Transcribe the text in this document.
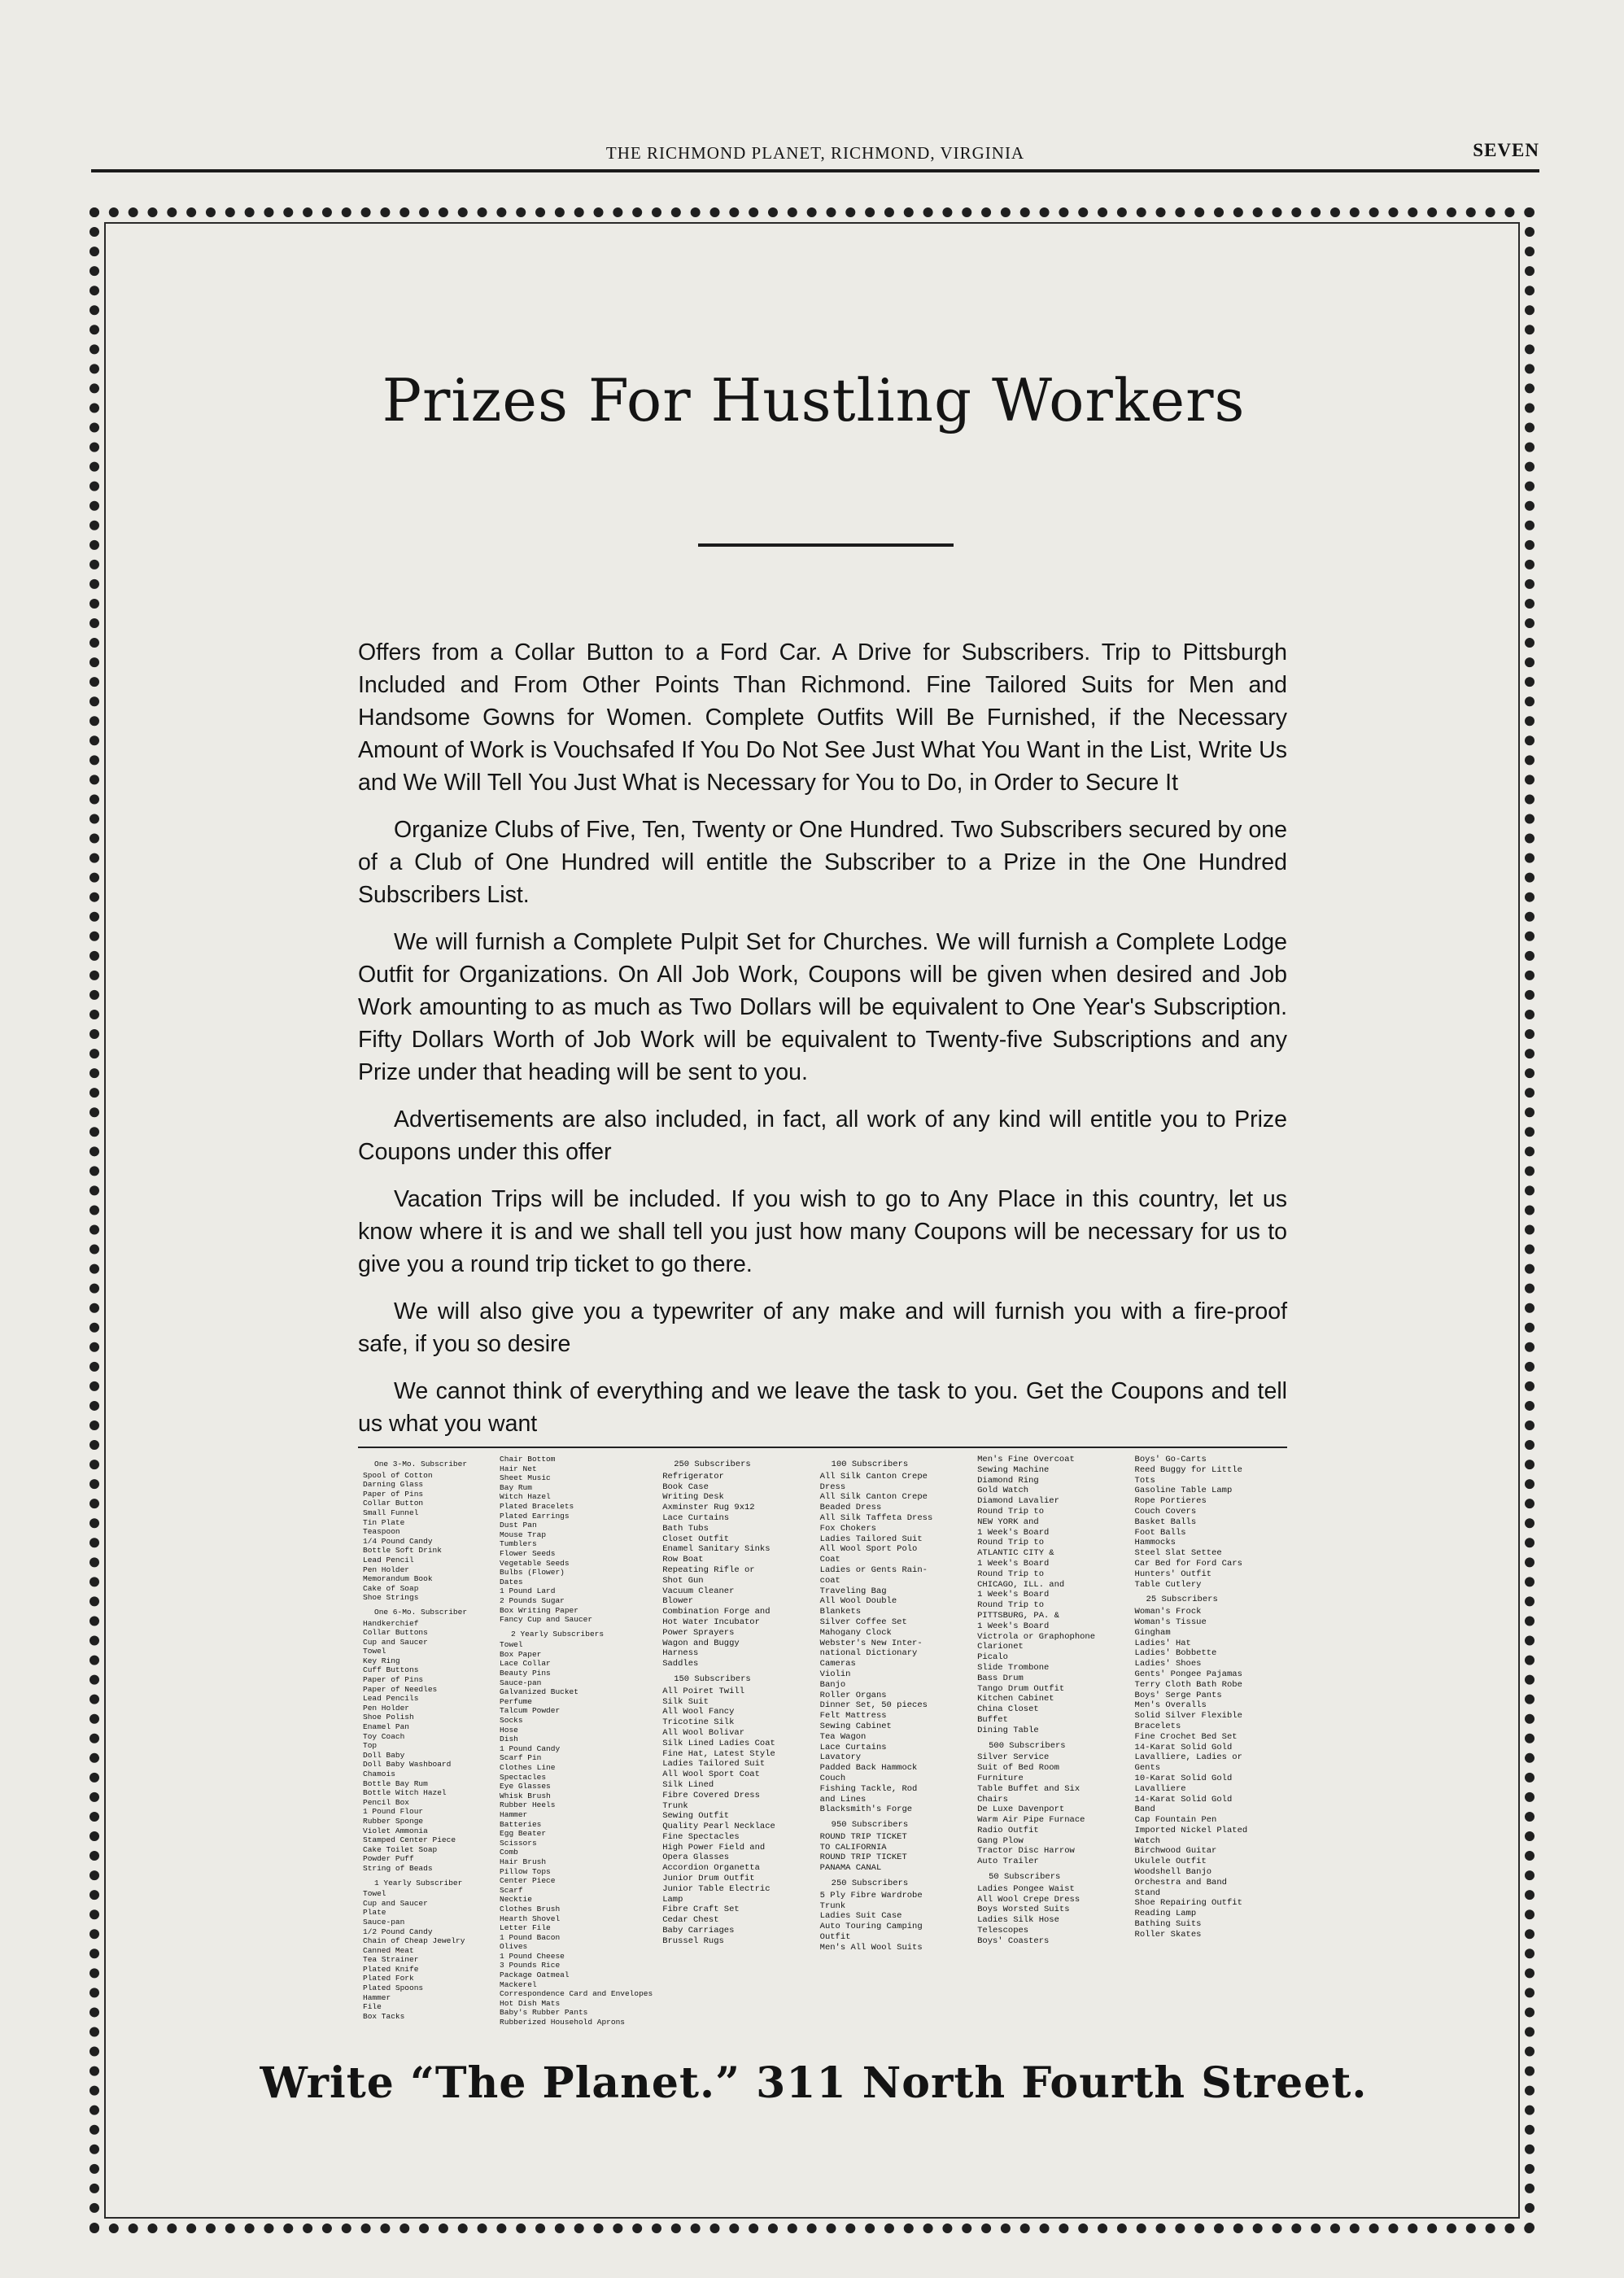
THE RICHMOND PLANET, RICHMOND, VIRGINIA	SEVEN
Prizes For Hustling Workers

Offers from a Collar Button to a Ford Car. A Drive for Subscribers. Trip to Pittsburgh Included and From Other Points Than Richmond. Fine Tailored Suits for Men and Handsome Gowns for Women. Complete Outfits Will Be Furnished, if the Necessary Amount of Work is Vouchsafed If You Do Not See Just What You Want in the List, Write Us and We Will Tell You Just What is Necessary for You to Do, in Order to Secure It

Organize Clubs of Five, Ten, Twenty or One Hundred. Two Subscribers secured by one of a Club of One Hundred will entitle the Subscriber to a Prize in the One Hundred Subscribers List.

We will furnish a Complete Pulpit Set for Churches. We will furnish a Complete Lodge Outfit for Organizations. On All Job Work, Coupons will be given when desired and Job Work amounting to as much as Two Dollars will be equivalent to One Year's Subscription. Fifty Dollars Worth of Job Work will be equivalent to Twenty-five Subscriptions and any Prize under that heading will be sent to you.

Advertisements are also included, in fact, all work of any kind will entitle you to Prize Coupons under this offer

Vacation Trips will be included. If you wish to go to Any Place in this country, let us know where it is and we shall tell you just how many Coupons will be necessary for us to give you a round trip ticket to go there.

We will also give you a typewriter of any make and will furnish you with a fire-proof safe, if you so desire

We cannot think of everything and we leave the task to you. Get the Coupons and tell us what you want

One 3-Mo. Subscriber
Spool of Cotton
Darning Glass
Paper of Pins
Collar Button
Small Funnel
Tin Plate
Teaspoon
1/4 Pound Candy
Bottle Soft Drink
Lead Pencil
Pen Holder
Memorandum Book
Cake of Soap
Shoe Strings
One 6-Mo. Subscriber
Handkerchief
Collar Buttons
Cup and Saucer
Towel
Key Ring
Cuff Buttons
Paper of Pins
Paper of Needles
Lead Pencils
Pen Holder
Shoe Polish
Enamel Pan
Toy Coach
Top
Doll Baby
Doll Baby Washboard
Chamois
Bottle Bay Rum
Bottle Witch Hazel
Pencil Box
1 Pound Flour
Rubber Sponge
Violet Ammonia
Stamped Center Piece
Cake Toilet Soap
Powder Puff
String of Beads
1 Yearly Subscriber
Towel
Cup and Saucer
Plate
Sauce-pan
1/2 Pound Candy
Chain of Cheap Jewelry
Canned Meat
Tea Strainer
Plated Knife
Plated Fork
Plated Spoons
Hammer
File
Box Tacks
Chair Bottom
Hair Net
Sheet Music
Bay Rum
Witch Hazel
Plated Bracelets
Plated Earrings
Dust Pan
Mouse Trap
Tumblers
Flower Seeds
Vegetable Seeds
Bulbs (Flower)
Dates
1 Pound Lard
2 Pounds Sugar
Box Writing Paper
Fancy Cup and Saucer
2 Yearly Subscribers
Towel
Box Paper
Lace Collar
Beauty Pins
Sauce-pan
Galvanized Bucket
Perfume
Talcum Powder
Socks
Hose
Dish
1 Pound Candy
Scarf Pin
Clothes Line
Spectacles
Eye Glasses
Whisk Brush
Rubber Heels
Hammer
Batteries
Egg Beater
Scissors
Comb
Hair Brush
Pillow Tops
Center Piece
Scarf
Necktie
Clothes Brush
Hearth Shovel
Letter File
1 Pound Bacon
Olives
1 Pound Cheese
3 Pounds Rice
Package Oatmeal
Mackerel
Correspondence Card and Envelopes
Hot Dish Mats
Baby's Rubber Pants
Rubberized Household Aprons
250 Subscribers
Refrigerator
Book Case
Writing Desk
Axminster Rug 9x12
Lace Curtains
Bath Tubs
Closet Outfit
Enamel Sanitary Sinks
Row Boat
Repeating Rifle or
Shot Gun
Vacuum Cleaner
Blower
Combination Forge and
Hot Water Incubator
Power Sprayers
Wagon and Buggy
Harness
Saddles
150 Subscribers
All Poiret Twill
Silk Suit
All Wool Fancy
Tricotine Silk
All Wool Bolivar
Silk Lined Ladies Coat
Fine Hat, Latest Style
Ladies Tailored Suit
All Wool Sport Coat
Silk Lined
Fibre Covered Dress
Trunk
Sewing Outfit
Quality Pearl Necklace
Fine Spectacles
High Power Field and
Opera Glasses
Accordion Organetta
Junior Drum Outfit
Junior Table Electric
Lamp
Fibre Craft Set
Cedar Chest
Baby Carriages
Brussel Rugs
100 Subscribers
All Silk Canton Crepe
Dress
All Silk Canton Crepe
Beaded Dress
All Silk Taffeta Dress
Fox Chokers
Ladies Tailored Suit
All Wool Sport Polo
Coat
Ladies or Gents Rain-
coat
Traveling Bag
All Wool Double
Blankets
Silver Coffee Set
Mahogany Clock
Webster's New Inter-
national Dictionary
Cameras
Violin
Banjo
Roller Organs
Dinner Set, 50 pieces
Felt Mattress
Sewing Cabinet
Tea Wagon
Lace Curtains
Lavatory
Padded Back Hammock
Couch
Fishing Tackle, Rod
and Lines
Blacksmith's Forge
950 Subscribers
ROUND TRIP TICKET
TO CALIFORNIA
ROUND TRIP TICKET
PANAMA CANAL
250 Subscribers
5 Ply Fibre Wardrobe
Trunk
Ladies Suit Case
Auto Touring Camping
Outfit
Men's All Wool Suits
Men's Fine Overcoat
Sewing Machine
Diamond Ring
Gold Watch
Diamond Lavalier
Round Trip to
NEW YORK and
1 Week's Board
Round Trip to
ATLANTIC CITY &
1 Week's Board
Round Trip to
CHICAGO, ILL. and
1 Week's Board
Round Trip to
PITTSBURG, PA. &
1 Week's Board
Victrola or Graphophone
Clarionet
Picalo
Slide Trombone
Bass Drum
Tango Drum Outfit
Kitchen Cabinet
China Closet
Buffet
Dining Table
500 Subscribers
Silver Service
Suit of Bed Room
Furniture
Table Buffet and Six
Chairs
De Luxe Davenport
Warm Air Pipe Furnace
Radio Outfit
Gang Plow
Tractor Disc Harrow
Auto Trailer
50 Subscribers
Ladies Pongee Waist
All Wool Crepe Dress
Boys Worsted Suits
Ladies Silk Hose
Telescopes
Boys' Coasters
Boys' Go-Carts
Reed Buggy for Little
Tots
Gasoline Table Lamp
Rope Portieres
Couch Covers
Basket Balls
Foot Balls
Hammocks
Steel Slat Settee
Car Bed for Ford Cars
Hunters' Outfit
Table Cutlery
25 Subscribers
Woman's Frock
Woman's Tissue
Gingham
Ladies' Hat
Ladies' Bobbette
Ladies' Shoes
Gents' Pongee Pajamas
Terry Cloth Bath Robe
Boys' Serge Pants
Men's Overalls
Solid Silver Flexible
Bracelets
Fine Crochet Bed Set
14-Karat Solid Gold
Lavalliere, Ladies or
Gents
10-Karat Solid Gold
Lavalliere
14-Karat Solid Gold
Band
Cap Fountain Pen
Imported Nickel Plated
Watch
Birchwood Guitar
Ukulele Outfit
Woodshell Banjo
Orchestra and Band
Stand
Shoe Repairing Outfit
Reading Lamp
Bathing Suits
Roller Skates
Write “The Planet.” 311 North Fourth Street.
